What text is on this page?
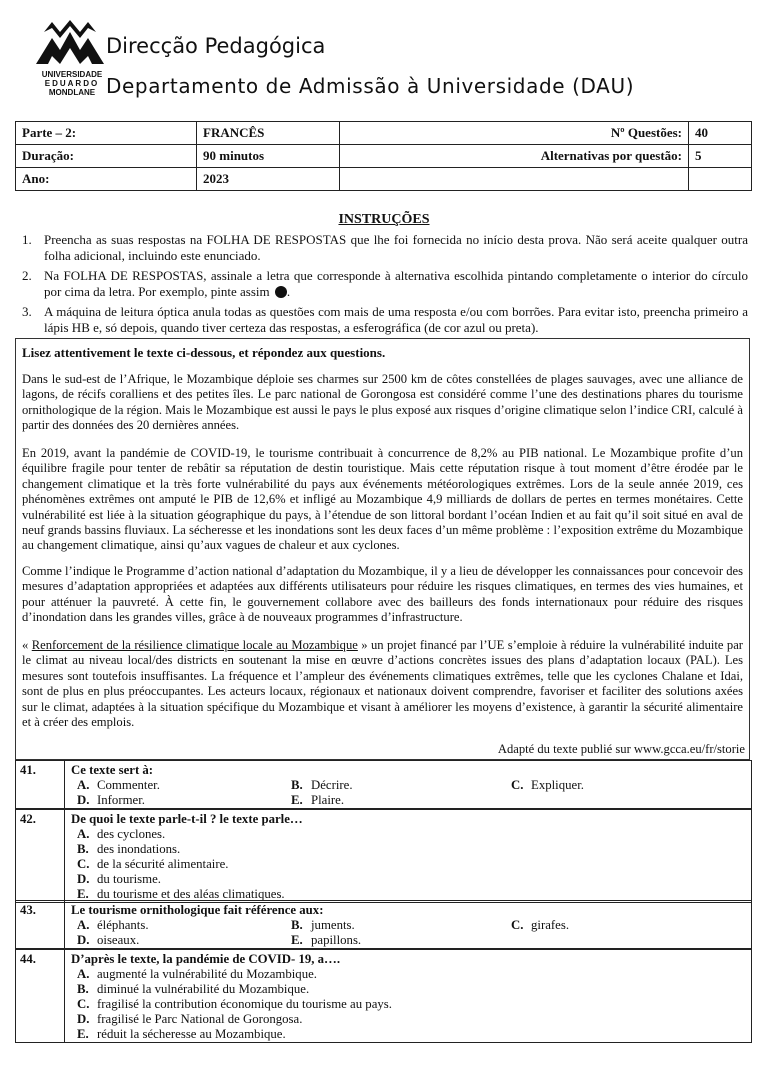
UNIVERSIDADE
EDUARDO
MONDLANE
Direcção Pedagógica
Departamento de Admissão à Universidade (DAU)
Parte – 2:	FRANCÊS	Nº Questões:	40
Duração:	90 minutos	Alternativas por questão:	5
Ano:	2023		
INSTRUÇÕES
1. Preencha as suas respostas na FOLHA DE RESPOSTAS que lhe foi fornecida no início desta prova. Não será aceite qualquer outra folha adicional, incluindo este enunciado.
2. Na FOLHA DE RESPOSTAS, assinale a letra que corresponde à alternativa escolhida pintando completamente o interior do círculo por cima da letra. Por exemplo, pinte assim .
3. A máquina de leitura óptica anula todas as questões com mais de uma resposta e/ou com borrões. Para evitar isto, preencha primeiro a lápis HB e, só depois, quando tiver certeza das respostas, a esferográfica (de cor azul ou preta).
Lisez attentivement le texte ci-dessous, et répondez aux questions.
Dans le sud-est de l’Afrique, le Mozambique déploie ses charmes sur 2500 km de côtes constellées de plages sauvages, avec une alliance de lagons, de récifs coralliens et des petites îles. Le parc national de Gorongosa est considéré comme l’une des destinations phares du tourisme ornithologique de la région. Mais le Mozambique est aussi le pays le plus exposé aux risques d’origine climatique selon l’indice CRI, calculé à partir des données des 20 dernières années.
En 2019, avant la pandémie de COVID-19, le tourisme contribuait à concurrence de 8,2% au PIB national. Le Mozambique profite d’un équilibre fragile pour tenter de rebâtir sa réputation de destin touristique. Mais cette réputation risque à tout moment d’être érodée par le changement climatique et la très forte vulnérabilité du pays aux événements météorologiques extrêmes. Lors de la seule année 2019, ces phénomènes extrêmes ont amputé le PIB de 12,6% et infligé au Mozambique 4,9 milliards de dollars de pertes en termes monétaires. Cette vulnérabilité est liée à la situation géographique du pays, à l’étendue de son littoral bordant l’océan Indien et au fait qu’il soit situé en aval de neuf grands bassins fluviaux. La sécheresse et les inondations sont les deux faces d’un même problème : l’exposition extrême du Mozambique au changement climatique, ainsi qu’aux vagues de chaleur et aux cyclones.
Comme l’indique le Programme d’action national d’adaptation du Mozambique, il y a lieu de développer les connaissances pour concevoir des mesures d’adaptation appropriées et adaptées aux différents utilisateurs pour réduire les risques climatiques, en termes des vies humaines, et pour atténuer la pauvreté. À cette fin, le gouvernement collabore avec des bailleurs des fonds internationaux pour réduire des risques d’inondation dans les grandes villes, grâce à de nouveaux programmes d’infrastructure.
« Renforcement de la résilience climatique locale au Mozambique » un projet financé par l’UE s’emploie à réduire la vulnérabilité induite par le climat au niveau local/des districts en soutenant la mise en œuvre d’actions concrètes issues des plans d’adaptation locaux (PAL). Les mesures sont toutefois insuffisantes. La fréquence et l’ampleur des événements climatiques extrêmes, telle que les cyclones Chalane et Idai, sont de plus en plus préoccupantes. Les acteurs locaux, régionaux et nationaux doivent comprendre, favoriser et faciliter des solutions axées sur le climat, adaptées à la situation spécifique du Mozambique et visant à améliorer les moyens d’existence, à garantir la sécurité alimentaire et à créer des emplois.
Adapté du texte publié sur www.gcca.eu/fr/storie
41.	Ce texte sert à:
A. Commenter.	B. Décrire.	C. Expliquer.
D. Informer.	E. Plaire.
42.	De quoi le texte parle-t-il ? le texte parle…
A. des cyclones.
B. des inondations.
C. de la sécurité alimentaire.
D. du tourisme.
E. du tourisme et des aléas climatiques.
43.	Le tourisme ornithologique fait référence aux:
A. éléphants.	B. juments.	C. girafes.
D. oiseaux.	E. papillons.
44.	D’après le texte, la pandémie de COVID- 19, a….
A. augmenté la vulnérabilité du Mozambique.
B. diminué la vulnérabilité du Mozambique.
C. fragilisé la contribution économique du tourisme au pays.
D. fragilisé le Parc National de Gorongosa.
E. réduit la sécheresse au Mozambique.
